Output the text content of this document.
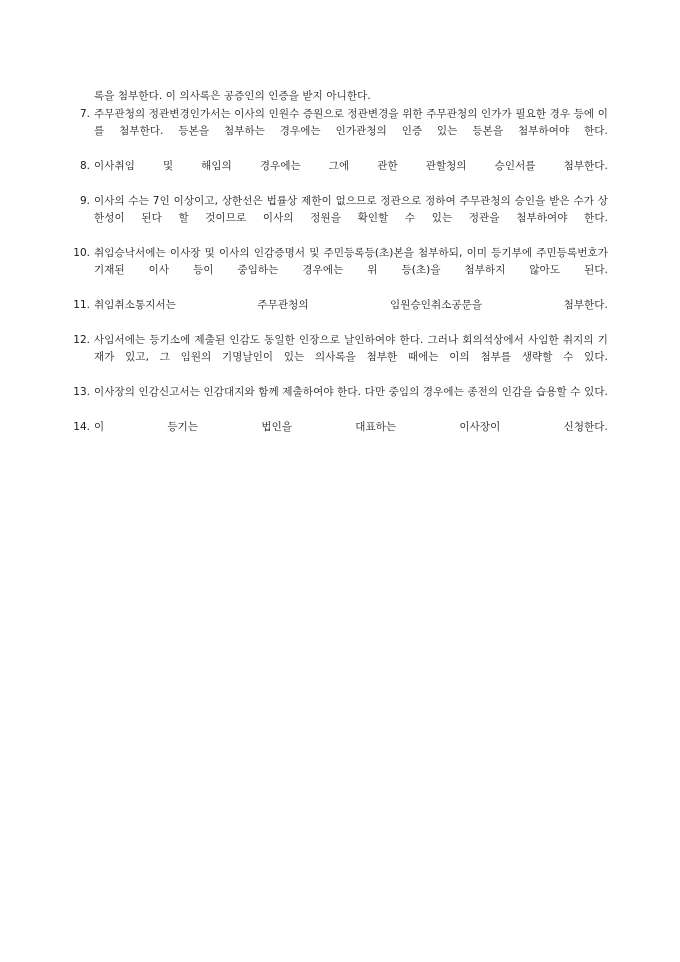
록을 첨부한다. 이 의사록은 공증인의 인증을 받지 아니한다.

7. 주무관청의 정관변경인가서는 이사의 인원수 증원으로 정관변경을 위한 주무관청의 인가가 필요한 경우 등에 이를 첨부한다. 등본을 첨부하는 경우에는 인가관청의 인증 있는 등본을 첨부하여야 한다.
8. 이사취임 및 해임의 경우에는 그에 관한 관할청의 승인서를 첨부한다.
9. 이사의 수는 7인 이상이고, 상한선은 법률상 제한이 없으므로 정관으로 정하여 주무관청의 승인을 받은 수가 상한성이 된다 할 것이므로 이사의 정원을 확인할 수 있는 정관을 첨부하여야 한다.
10. 취임승낙서에는 이사장 및 이사의 인감증명서 및 주민등록등(초)본을 첨부하되, 이미 등기부에 주민등록번호가 기재된 이사 등이 중임하는 경우에는 위 등(초)을 첨부하지 않아도 된다.
11. 취임취소통지서는 주무관청의 임원승인취소공문을 첨부한다.
12. 사임서에는 등기소에 제출된 인감도 동일한 인장으로 날인하여야 한다. 그러나 회의석상에서 사임한 취지의 기재가 있고, 그 임원의 기명날인이 있는 의사록을 첨부한 때에는 이의 첨부를 생략할 수 있다.
13. 이사장의 인감신고서는 인감대지와 함께 제출하여야 한다. 다만 중임의 경우에는 종전의 인감을 습용할 수 있다.
14. 이 등기는 법인을 대표하는 이사장이 신청한다.
